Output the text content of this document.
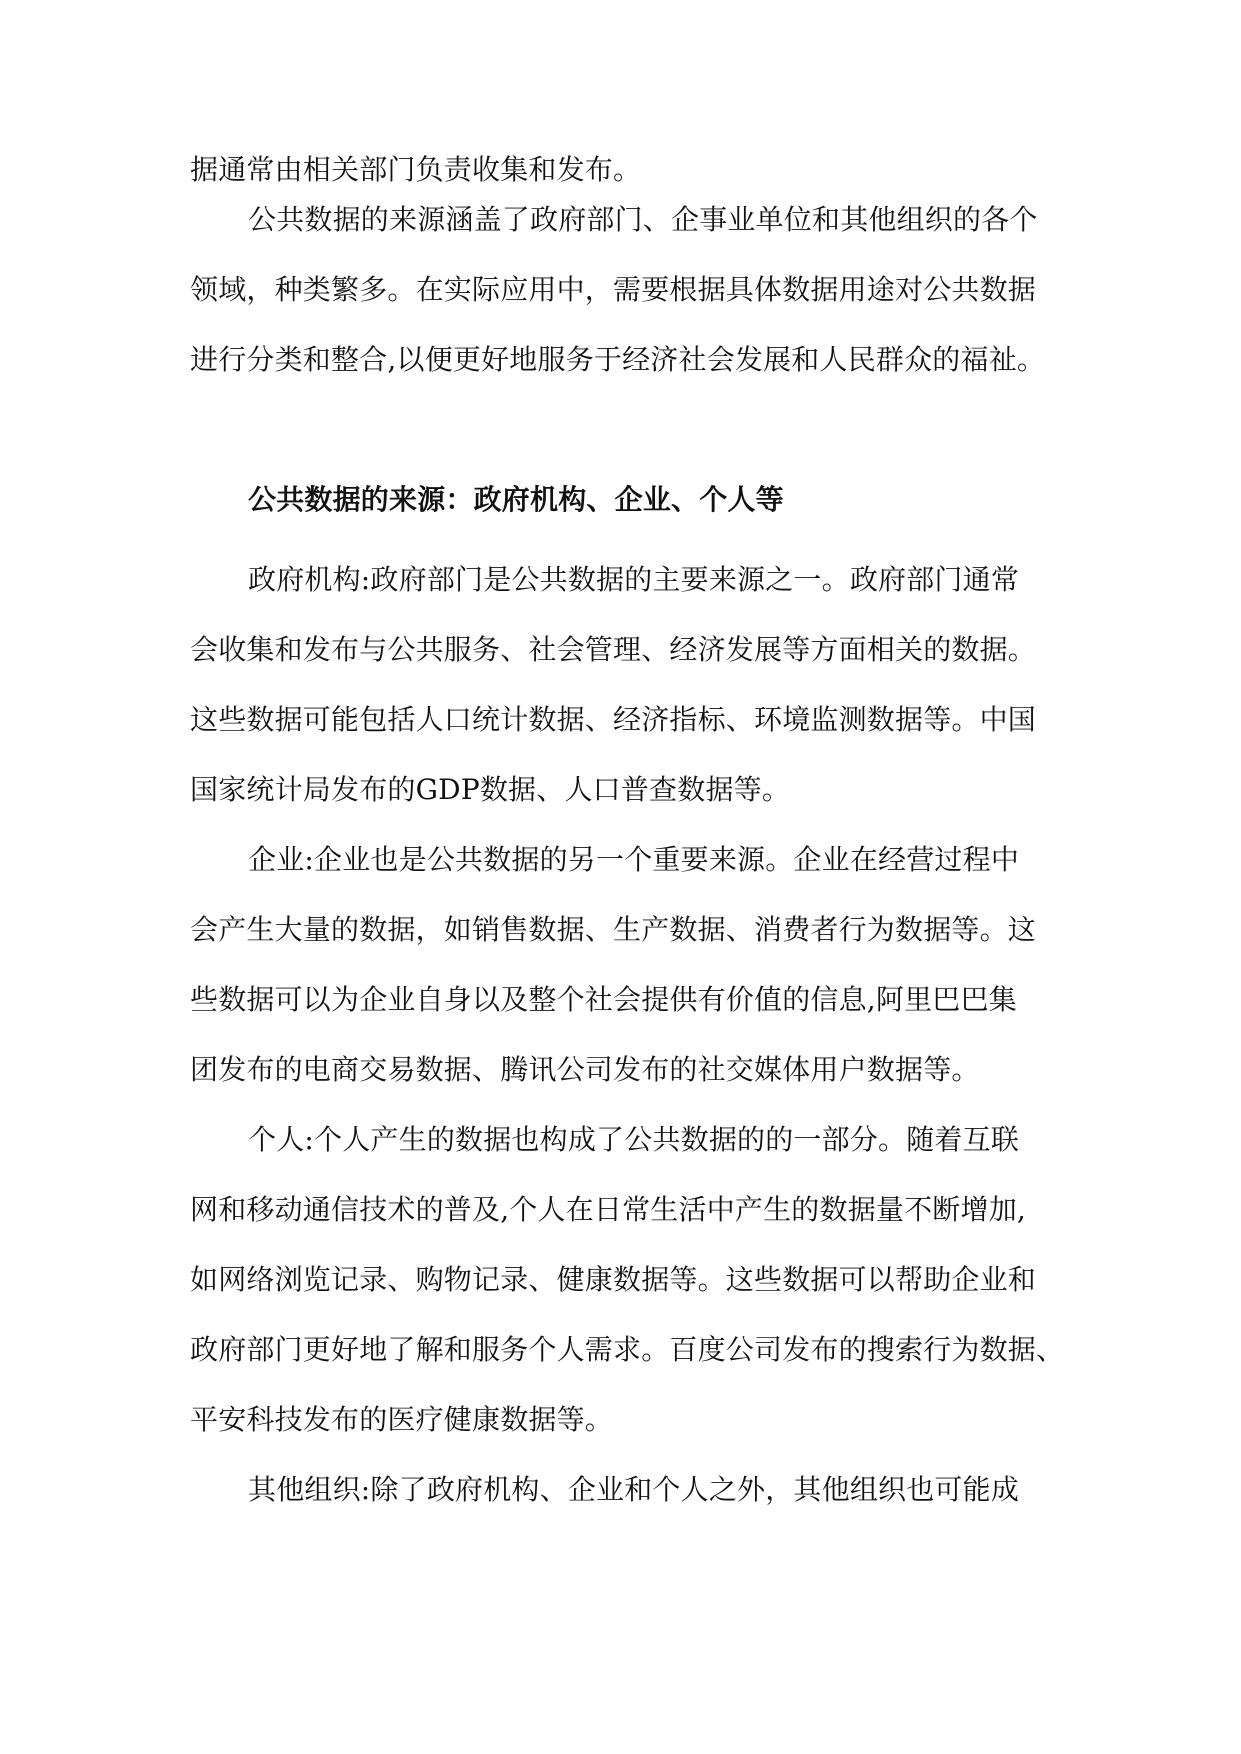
据通常由相关部门负责收集和发布。
公共数据的来源涵盖了政府部门、企事业单位和其他组织的各个
领域，种类繁多。在实际应用中，需要根据具体数据用途对公共数据
进行分类和整合,以便更好地服务于经济社会发展和人民群众的福祉。
公共数据的来源：政府机构、企业、个人等
政府机构:政府部门是公共数据的主要来源之一。政府部门通常
会收集和发布与公共服务、社会管理、经济发展等方面相关的数据。
这些数据可能包括人口统计数据、经济指标、环境监测数据等。中国
国家统计局发布的GDP数据、人口普查数据等。
企业:企业也是公共数据的另一个重要来源。企业在经营过程中
会产生大量的数据，如销售数据、生产数据、消费者行为数据等。这
些数据可以为企业自身以及整个社会提供有价值的信息,阿里巴巴集
团发布的电商交易数据、腾讯公司发布的社交媒体用户数据等。
个人:个人产生的数据也构成了公共数据的的一部分。随着互联
网和移动通信技术的普及,个人在日常生活中产生的数据量不断增加,
如网络浏览记录、购物记录、健康数据等。这些数据可以帮助企业和
政府部门更好地了解和服务个人需求。百度公司发布的搜索行为数据、
平安科技发布的医疗健康数据等。
其他组织:除了政府机构、企业和个人之外，其他组织也可能成
